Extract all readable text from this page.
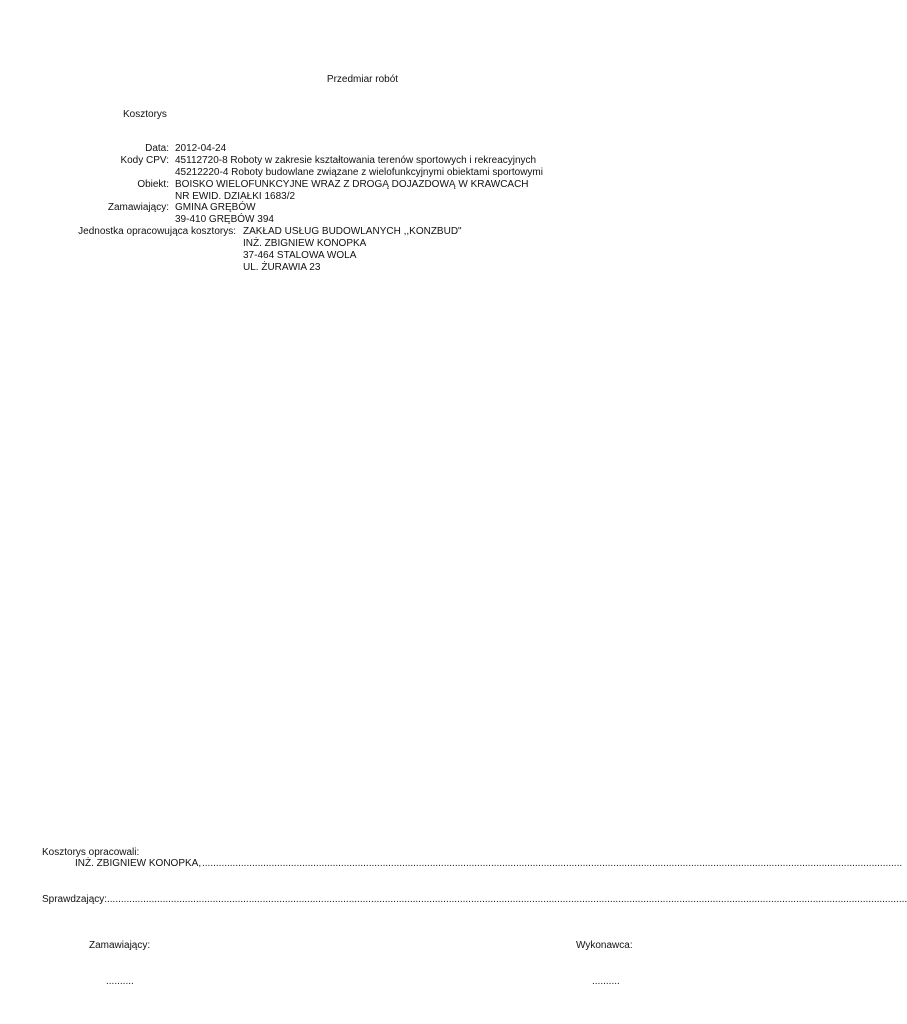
Przedmiar robót
Kosztorys
Data: 2012-04-24
Kody CPV: 45112720-8 Roboty w zakresie kształtowania terenów sportowych i rekreacyjnych
45212220-4 Roboty budowlane związane z wielofunkcyjnymi obiektami sportowymi
Obiekt: BOISKO WIELOFUNKCYJNE WRAZ Z DROGĄ DOJAZDOWĄ W KRAWCACH
NR EWID. DZIAŁKI 1683/2
Zamawiający: GMINA GRĘBÓW
39-410 GRĘBÓW 394
Jednostka opracowująca kosztorys: ZAKŁAD USŁUG BUDOWLANYCH ,,KONZBUD"
INŻ. ZBIGNIEW KONOPKA
37-464 STALOWA WOLA
UL. ŻURAWIA 23
Kosztorys opracowali:
INŻ. ZBIGNIEW KONOPKA, ............................................................................................................................................................................................................................................................
Sprawdzający: ................................................................................................................................................................................................................................................................................................
Zamawiający:	Wykonawca:
..........	..........
